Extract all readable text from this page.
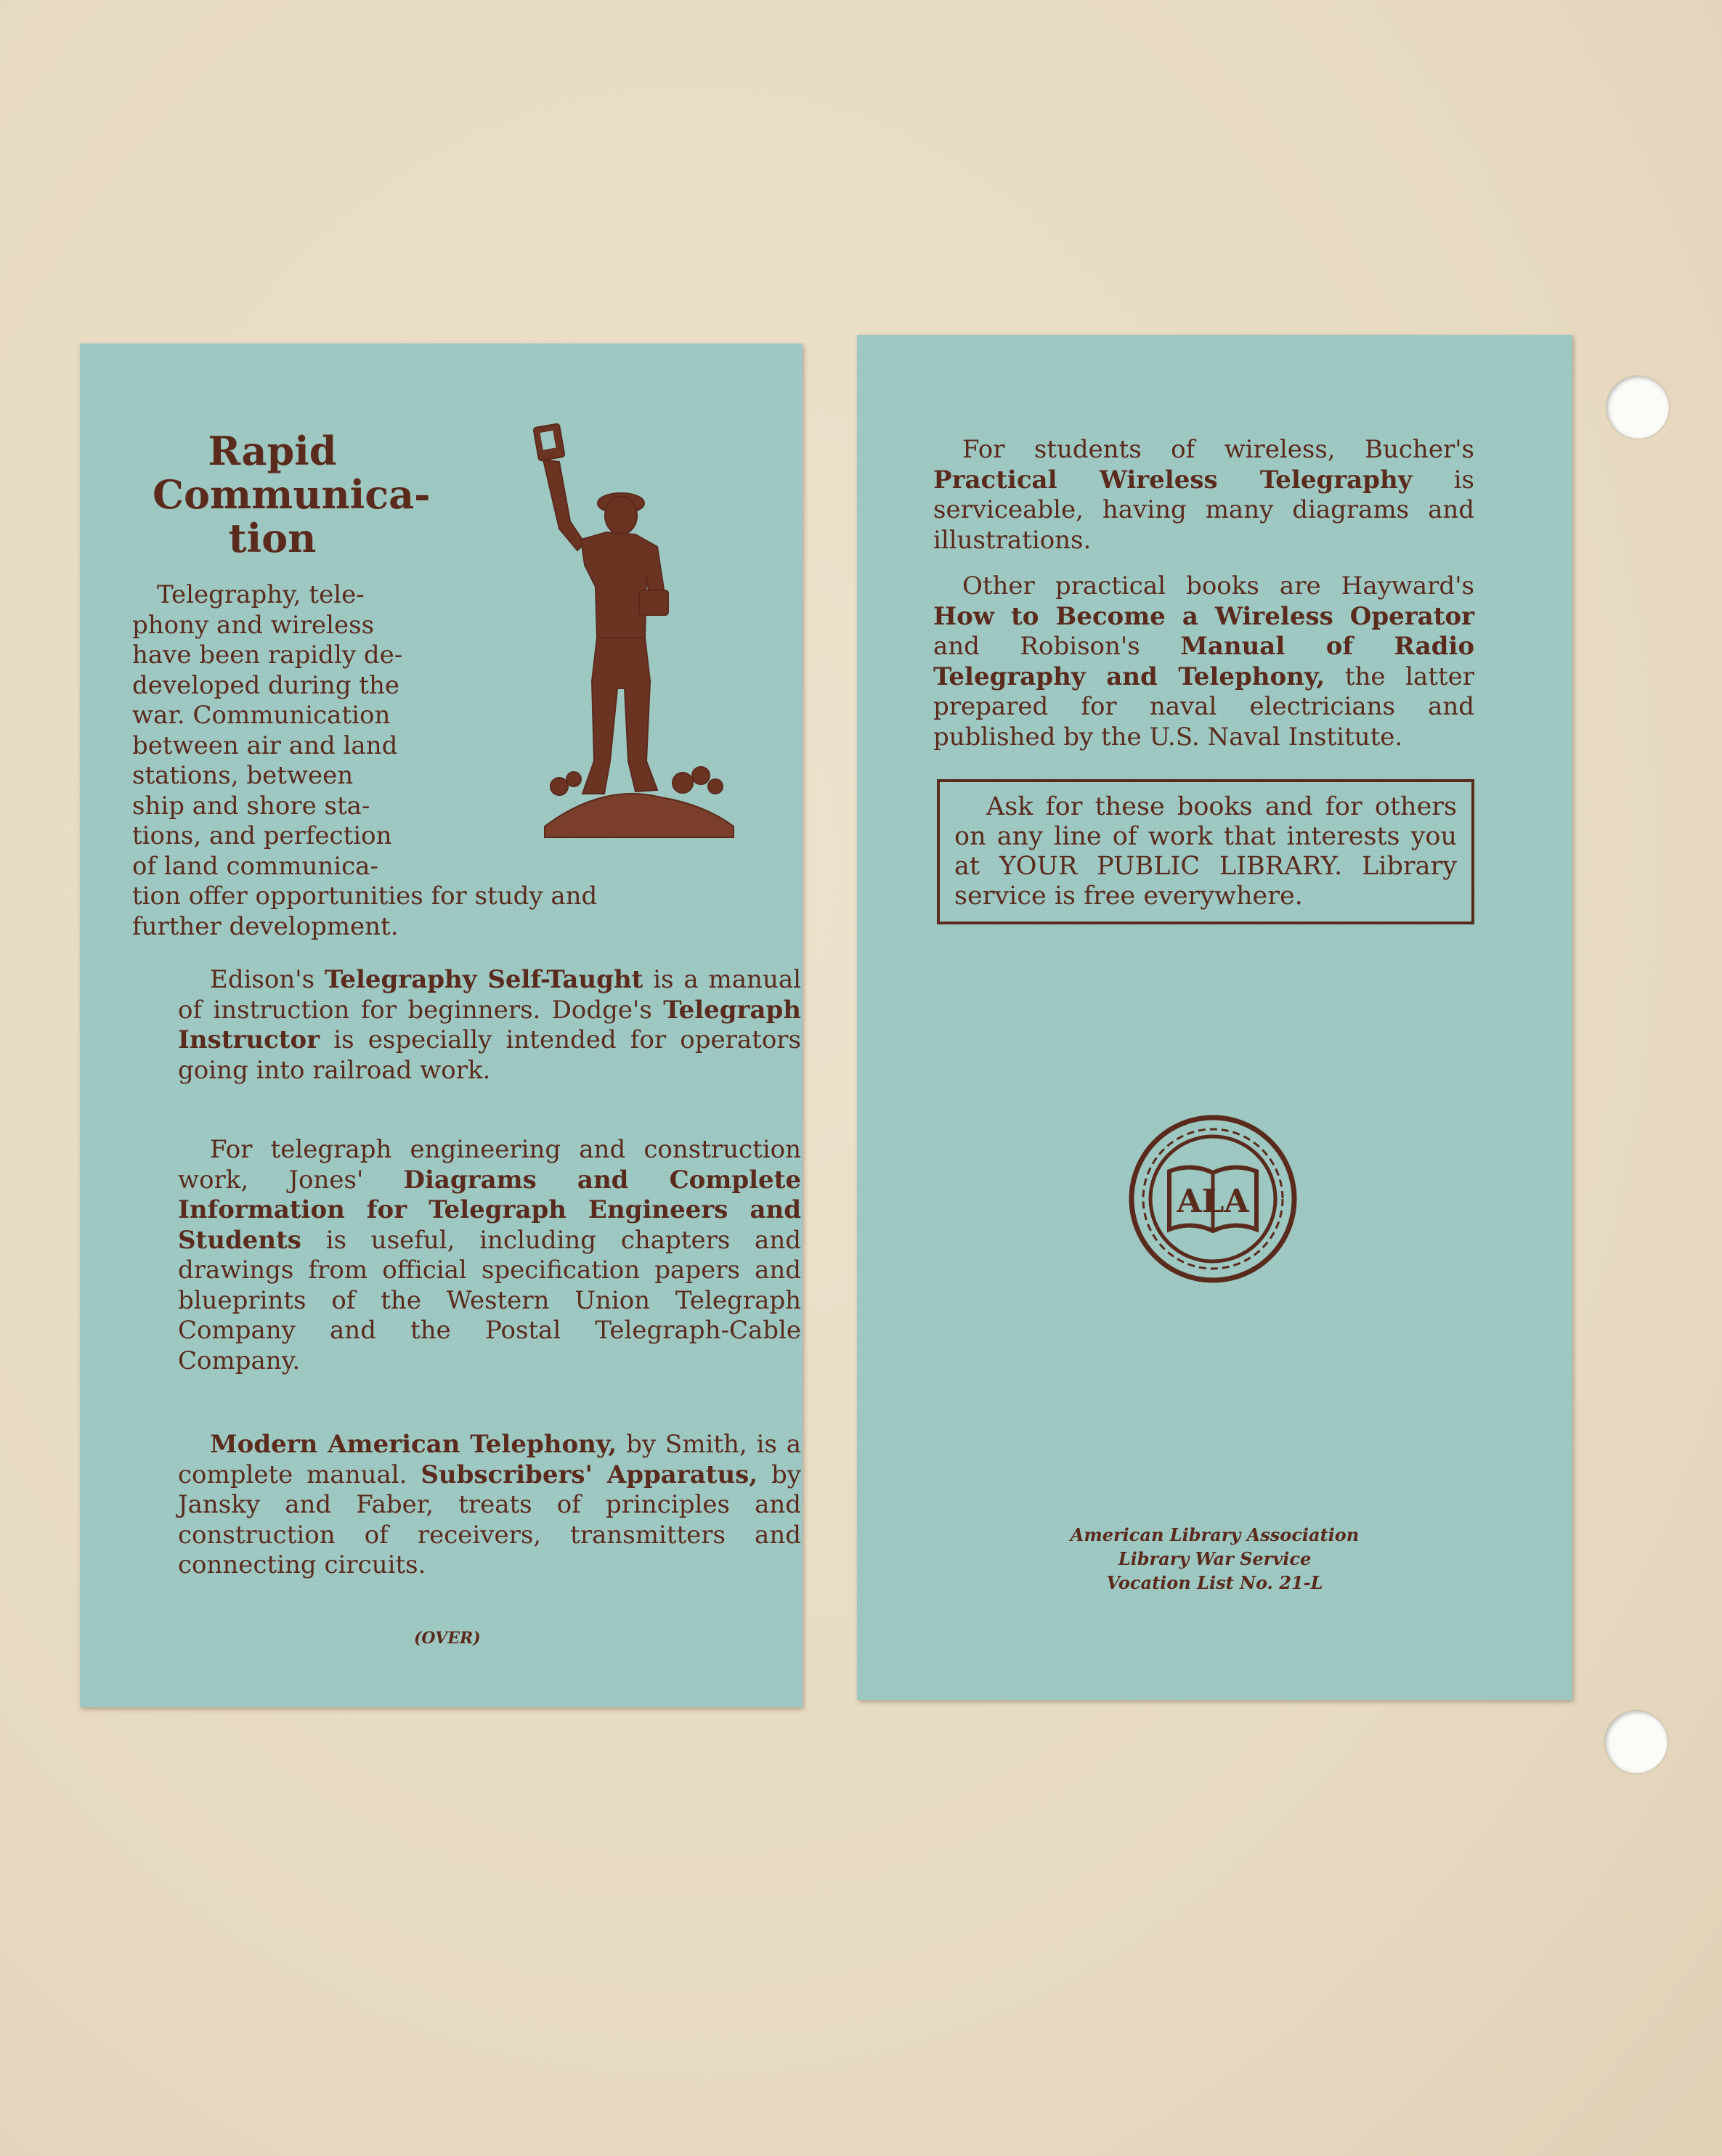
Rapid
Communica-
tion
Telegraphy, tele-
phony and wireless
have been rapidly de-
developed during the
war. Communication
between air and land
stations, between
ship and shore sta-
tions, and perfection
of land communica-
tion offer opportunities for study and
further development.
Edison's Telegraphy Self-Taught is a manual of instruction for beginners. Dodge's Telegraph Instructor is especially intended for operators going into railroad work.
For telegraph engineering and construction work, Jones' Diagrams and Complete Information for Telegraph Engineers and Students is useful, including chapters and drawings from official specification papers and blueprints of the Western Union Telegraph Company and the Postal Telegraph-Cable Company.
Modern American Telephony, by Smith, is a complete manual. Subscribers' Apparatus, by Jansky and Faber, treats of principles and construction of receivers, transmitters and connecting circuits.
(OVER)
For students of wireless, Bucher's Practical Wireless Telegraphy is serviceable, having many diagrams and illustrations.
Other practical books are Hayward's How to Become a Wireless Operator and Robison's Manual of Radio Telegraphy and Telephony, the latter prepared for naval electricians and published by the U.S. Naval Institute.
Ask for these books and for others on any line of work that interests you at YOUR PUBLIC LIBRARY. Library service is free everywhere.
ALA
American Library Association
Library War Service
Vocation List No. 21-L
